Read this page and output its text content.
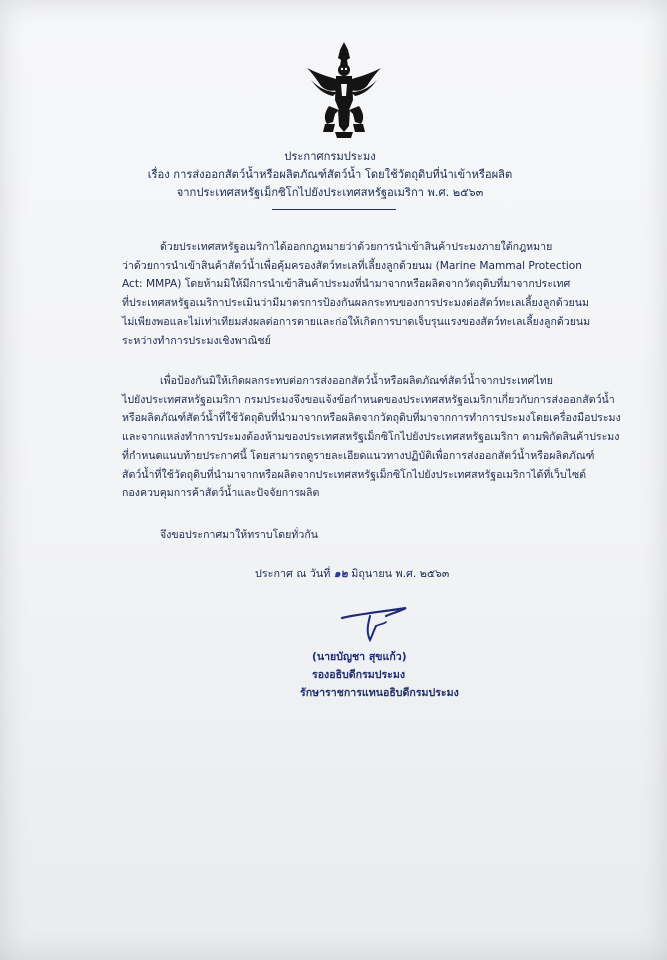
ประกาศกรมประมง
เรื่อง การส่งออกสัตว์น้ำหรือผลิตภัณฑ์สัตว์น้ำ โดยใช้วัตถุดิบที่นำเข้าหรือผลิต
จากประเทศสหรัฐเม็กซิโกไปยังประเทศสหรัฐอเมริกา พ.ศ. ๒๕๖๓
ด้วยประเทศสหรัฐอเมริกาได้ออกกฎหมายว่าด้วยการนำเข้าสินค้าประมงภายใต้กฎหมาย
ว่าด้วยการนำเข้าสินค้าสัตว์น้ำเพื่อคุ้มครองสัตว์ทะเลที่เลี้ยงลูกด้วยนม (Marine Mammal Protection
Act: MMPA) โดยห้ามมิให้มีการนำเข้าสินค้าประมงที่นำมาจากหรือผลิตจากวัตถุดิบที่มาจากประเทศ
ที่ประเทศสหรัฐอเมริกาประเมินว่ามีมาตรการป้องกันผลกระทบของการประมงต่อสัตว์ทะเลเลี้ยงลูกด้วยนม
ไม่เพียงพอและไม่เท่าเทียมส่งผลต่อการตายและก่อให้เกิดการบาดเจ็บรุนแรงของสัตว์ทะเลเลี้ยงลูกด้วยนม
ระหว่างทำการประมงเชิงพาณิชย์
เพื่อป้องกันมิให้เกิดผลกระทบต่อการส่งออกสัตว์น้ำหรือผลิตภัณฑ์สัตว์น้ำจากประเทศไทย
ไปยังประเทศสหรัฐอเมริกา กรมประมงจึงขอแจ้งข้อกำหนดของประเทศสหรัฐอเมริกาเกี่ยวกับการส่งออกสัตว์น้ำ
หรือผลิตภัณฑ์สัตว์น้ำที่ใช้วัตถุดิบที่นำมาจากหรือผลิตจากวัตถุดิบที่มาจากการทำการประมงโดยเครื่องมือประมง
และจากแหล่งทำการประมงต้องห้ามของประเทศสหรัฐเม็กซิโกไปยังประเทศสหรัฐอเมริกา ตามพิกัดสินค้าประมง
ที่กำหนดแนบท้ายประกาศนี้ โดยสามารถดูรายละเอียดแนวทางปฏิบัติเพื่อการส่งออกสัตว์น้ำหรือผลิตภัณฑ์
สัตว์น้ำที่ใช้วัตถุดิบที่นำมาจากหรือผลิตจากประเทศสหรัฐเม็กซิโกไปยังประเทศสหรัฐอเมริกาได้ที่เว็บไซต์
กองควบคุมการค้าสัตว์น้ำและปัจจัยการผลิต
จึงขอประกาศมาให้ทราบโดยทั่วกัน
ประกาศ ณ วันที่ ๑๒ มิถุนายน พ.ศ. ๒๕๖๓
(นายบัญชา สุขแก้ว)
รองอธิบดีกรมประมง
รักษาราชการแทนอธิบดีกรมประมง
